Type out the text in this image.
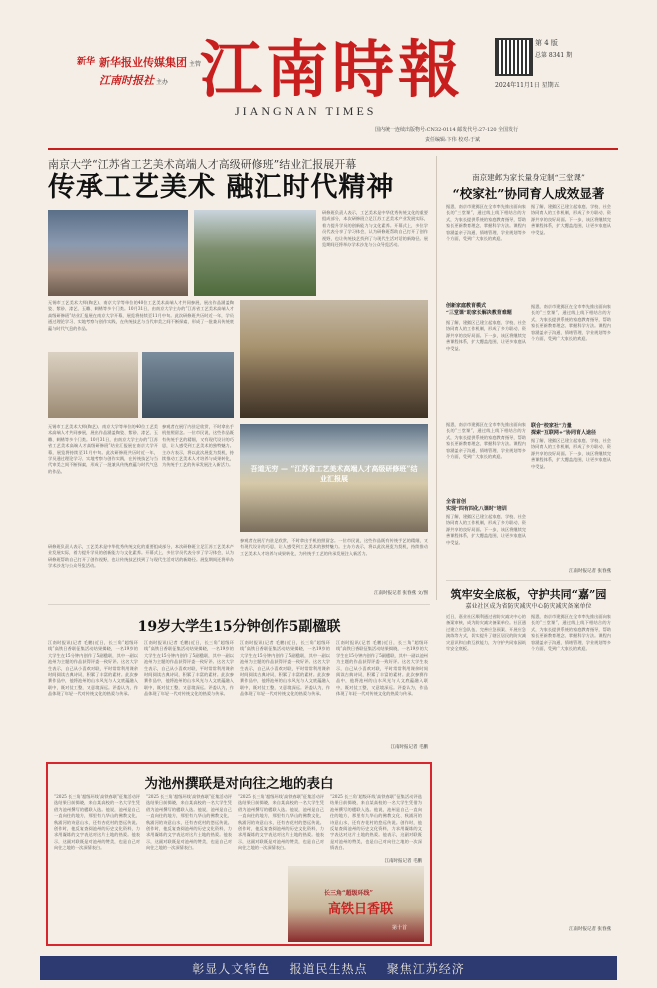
新华 新华报业传媒集团 主管
江南时报社 主办 江南時報
JIANGNAN TIMES
第 4 版
总第 8341 期
2024年11月1日 星期五
国内统一连续出版物号:CN32-0114 邮发代号:27-120 全国发行
责任编辑:卞伟 校对:于斌
南京大学“江苏省工艺美术高端人才高级研修班”结业汇报展开幕
传承工艺美术 融汇时代精神
研修班负责人表示，工艺美术是中华优秀传统文化的重要组成部分，本次研修班立足江苏工艺美术产业发展实际，着力提升学员的创新能力与文化素养。开幕式上，多位学员代表分享了学习体会，认为研修班帮助自己打开了创作视野，也让传统技艺找到了与现代生活对话的新路径。展览期间还将举办学术沙龙与公众导览活动。
无锡市工艺美术大师(陶艺)、南京大学等单位的40位工艺美术高端人才共同参展，展出作品涵盖陶瓷、紫砂、漆艺、玉雕、刺绣等多个门类。10月31日，由南京大学主办的“江苏省工艺美术高端人才高级研修班”结业汇报展在南京大学开幕，展览将持续至11月中旬。此次研修班共历时近一年，学员通过理论学习、实地考察与创作实践，在传统技艺与当代审美之间不断探索，形成了一批兼具传统底蕴与时代气息的作品。
无锡市工艺美术大师(陶艺)、南京大学等单位的40位工艺美术高端人才共同参展，展出作品涵盖陶瓷、紫砂、漆艺、玉雕、刺绣等多个门类。10月31日，由南京大学主办的“江苏省工艺美术高端人才高级研修班”结业汇报展在南京大学开幕，展览将持续至11月中旬。此次研修班共历时近一年，学员通过理论学习、实地考察与创作实践，在传统技艺与当代审美之间不断探索，形成了一批兼具传统底蕴与时代气息的作品。
参观者在展厅内驻足欣赏，不时拿出手机拍照留念。一位市民说，这些作品既有传统手艺的精细，又有现代设计的巧思，让人感受到工艺美术的独特魅力。主办方表示，将以此次展览为契机，持续推动工艺美术人才培养与成果转化，为传统手工艺的传承发展注入新活力。 吾道无穷 — “江苏省工艺美术高端人才高级研修班”结业汇报展
研修班负责人表示，工艺美术是中华优秀传统文化的重要组成部分，本次研修班立足江苏工艺美术产业发展实际，着力提升学员的创新能力与文化素养。开幕式上，多位学员代表分享了学习体会，认为研修班帮助自己打开了创作视野，也让传统技艺找到了与现代生活对话的新路径。展览期间还将举办学术沙龙与公众导览活动。
参观者在展厅内驻足欣赏，不时拿出手机拍照留念。一位市民说，这些作品既有传统手艺的精细，又有现代设计的巧思，让人感受到工艺美术的独特魅力。主办方表示，将以此次展览为契机，持续推动工艺美术人才培养与成果转化，为传统手工艺的传承发展注入新活力。
江南时报记者 张春燕 文/图
南京建邺为家长量身定制“三堂课”
“校家社”协同育人成效显著
据悉，南京市建邺区在全市率先推出面向家长的“三堂课”，通过线上线下相结合的方式，为家长提供系统的家庭教育指导，帮助家长更新教育理念、掌握科学方法。课程内容涵盖亲子沟通、情绪管理、学业规划等多个方面，受到广大家长的欢迎。
据了解，建邺区已建立起家庭、学校、社会协同育人的工作机制，形成了多方联动、资源共享的良好局面。下一步，该区将继续完善课程体系，扩大覆盖范围，让更多家庭从中受益。
创新家庭教育模式
“三堂课”助家长解决教育难题
据了解，建邺区已建立起家庭、学校、社会协同育人的工作机制，形成了多方联动、资源共享的良好局面。下一步，该区将继续完善课程体系，扩大覆盖范围，让更多家庭从中受益。
据悉，南京市建邺区在全市率先推出面向家长的“三堂课”，通过线上线下相结合的方式，为家长提供系统的家庭教育指导，帮助家长更新教育理念、掌握科学方法。课程内容涵盖亲子沟通、情绪管理、学业规划等多个方面，受到广大家长的欢迎。
联合“校家社”力量
探索“互联网+”协同育人途径
据悉，南京市建邺区在全市率先推出面向家长的“三堂课”，通过线上线下相结合的方式，为家长提供系统的家庭教育指导，帮助家长更新教育理念、掌握科学方法。课程内容涵盖亲子沟通、情绪管理、学业规划等多个方面，受到广大家长的欢迎。
全省首创
实现“四有四化八课时”培训
据了解，建邺区已建立起家庭、学校、社会协同育人的工作机制，形成了多方联动、资源共享的良好局面。下一步，该区将继续完善课程体系，扩大覆盖范围，让更多家庭从中受益。
据了解，建邺区已建立起家庭、学校、社会协同育人的工作机制，形成了多方联动、资源共享的良好局面。下一步，该区将继续完善课程体系，扩大覆盖范围，让更多家庭从中受益。
江南时报记者 张春燕
筑牢安全底板，守护共同“嘉”园
嘉业社区成为省防灾减灾中心防灾减灾备案单位
近日，嘉业社区顺利通过省防灾减灾中心的备案审核，成为防灾减灾备案单位。社区通过建立应急队伍、完善应急预案、开展应急演练等方式，切实提升了辖区居民的防灾减灾意识和自救互救能力，为守护共同家园筑牢安全底板。
据悉，南京市建邺区在全市率先推出面向家长的“三堂课”，通过线上线下相结合的方式，为家长提供系统的家庭教育指导，帮助家长更新教育理念、掌握科学方法。课程内容涵盖亲子沟通、情绪管理、学业规划等多个方面，受到广大家长的欢迎。
江南时报记者 张春燕
19岁大学生15分钟创作5副楹联
江南时报讯(记者 毛鹏)近日，长三角“超级环线”高铁日香联征集活动结果揭晓，一名19岁的大学生在15分钟内创作了5副楹联，其中一副以池州为主题的作品获得评委一致好评。这名大学生表示，自己从小喜欢对联，平时常常利用课余时间阅读古典诗词，积累了丰富的素材。此次参赛作品中，他将池州的山水风光与人文底蕴融入联中，既对仗工整，又意境深远。评委认为，作品体现了年轻一代对传统文化的热爱与传承。
江南时报讯(记者 毛鹏)近日，长三角“超级环线”高铁日香联征集活动结果揭晓，一名19岁的大学生在15分钟内创作了5副楹联，其中一副以池州为主题的作品获得评委一致好评。这名大学生表示，自己从小喜欢对联，平时常常利用课余时间阅读古典诗词，积累了丰富的素材。此次参赛作品中，他将池州的山水风光与人文底蕴融入联中，既对仗工整，又意境深远。评委认为，作品体现了年轻一代对传统文化的热爱与传承。
江南时报讯(记者 毛鹏)近日，长三角“超级环线”高铁日香联征集活动结果揭晓，一名19岁的大学生在15分钟内创作了5副楹联，其中一副以池州为主题的作品获得评委一致好评。这名大学生表示，自己从小喜欢对联，平时常常利用课余时间阅读古典诗词，积累了丰富的素材。此次参赛作品中，他将池州的山水风光与人文底蕴融入联中，既对仗工整，又意境深远。评委认为，作品体现了年轻一代对传统文化的热爱与传承。
江南时报讯(记者 毛鹏)近日，长三角“超级环线”高铁日香联征集活动结果揭晓，一名19岁的大学生在15分钟内创作了5副楹联，其中一副以池州为主题的作品获得评委一致好评。这名大学生表示，自己从小喜欢对联，平时常常利用课余时间阅读古典诗词，积累了丰富的素材。此次参赛作品中，他将池州的山水风光与人文底蕴融入联中，既对仗工整，又意境深远。评委认为，作品体现了年轻一代对传统文化的热爱与传承。
江南时报记者 毛鹏
为池州撰联是对向往之地的表白
“2025 长三角‘超级环线’高铁春联”征集活动评选结果日前揭晓，来自某高校的一名大学生凭借为池州撰写的楹联入选。他说，池州是自己一直向往的地方，那里有九华山的佛教文化、秋浦河的诗意山水，还有杏花村的悠远传说。创作时，他反复查阅池州的历史文化资料，力求用凝练的文字表达对这片土地的热爱。他表示，这副对联既是对池州的赞美，也是自己对向往之地的一次深情表白。
“2025 长三角‘超级环线’高铁春联”征集活动评选结果日前揭晓，来自某高校的一名大学生凭借为池州撰写的楹联入选。他说，池州是自己一直向往的地方，那里有九华山的佛教文化、秋浦河的诗意山水，还有杏花村的悠远传说。创作时，他反复查阅池州的历史文化资料，力求用凝练的文字表达对这片土地的热爱。他表示，这副对联既是对池州的赞美，也是自己对向往之地的一次深情表白。
“2025 长三角‘超级环线’高铁春联”征集活动评选结果日前揭晓，来自某高校的一名大学生凭借为池州撰写的楹联入选。他说，池州是自己一直向往的地方，那里有九华山的佛教文化、秋浦河的诗意山水，还有杏花村的悠远传说。创作时，他反复查阅池州的历史文化资料，力求用凝练的文字表达对这片土地的热爱。他表示，这副对联既是对池州的赞美，也是自己对向往之地的一次深情表白。
“2025 长三角‘超级环线’高铁春联”征集活动评选结果日前揭晓，来自某高校的一名大学生凭借为池州撰写的楹联入选。他说，池州是自己一直向往的地方，那里有九华山的佛教文化、秋浦河的诗意山水，还有杏花村的悠远传说。创作时，他反复查阅池州的历史文化资料，力求用凝练的文字表达对这片土地的热爱。他表示，这副对联既是对池州的赞美，也是自己对向往之地的一次深情表白。
江南时报记者 毛鹏
长三角“超级环线”
高铁日香联
第十首
彰显人文特色    报道民生热点    聚焦江苏经济
